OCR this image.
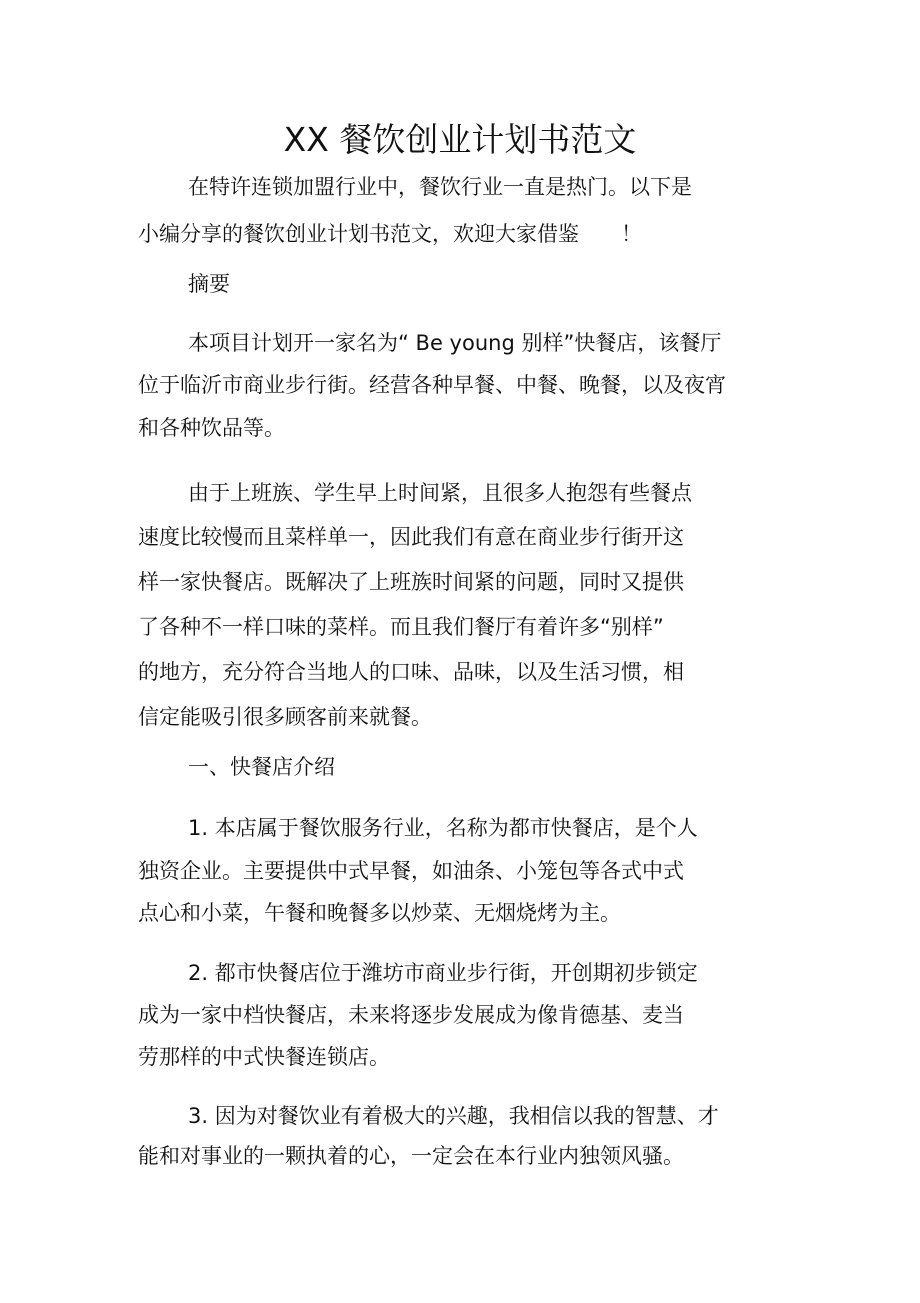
XX 餐饮创业计划书范文
在特许连锁加盟行业中，餐饮行业一直是热门。以下是
小编分享的餐饮创业计划书范文，欢迎大家借鉴　　！
摘要
本项目计划开一家名为“ Be young 别样”快餐店，该餐厅
位于临沂市商业步行街。经营各种早餐、中餐、晚餐，以及夜宵
和各种饮品等。
由于上班族、学生早上时间紧，且很多人抱怨有些餐点
速度比较慢而且菜样单一，因此我们有意在商业步行街开这
样一家快餐店。既解决了上班族时间紧的问题，同时又提供
了各种不一样口味的菜样。而且我们餐厅有着许多“别样”
的地方，充分符合当地人的口味、品味，以及生活习惯，相
信定能吸引很多顾客前来就餐。
一、快餐店介绍
1. 本店属于餐饮服务行业，名称为都市快餐店，是个人
独资企业。主要提供中式早餐，如油条、小笼包等各式中式
点心和小菜，午餐和晚餐多以炒菜、无烟烧烤为主。
2. 都市快餐店位于潍坊市商业步行街，开创期初步锁定
成为一家中档快餐店，未来将逐步发展成为像肯德基、麦当
劳那样的中式快餐连锁店。
3. 因为对餐饮业有着极大的兴趣，我相信以我的智慧、才
能和对事业的一颗执着的心，一定会在本行业内独领风骚。
